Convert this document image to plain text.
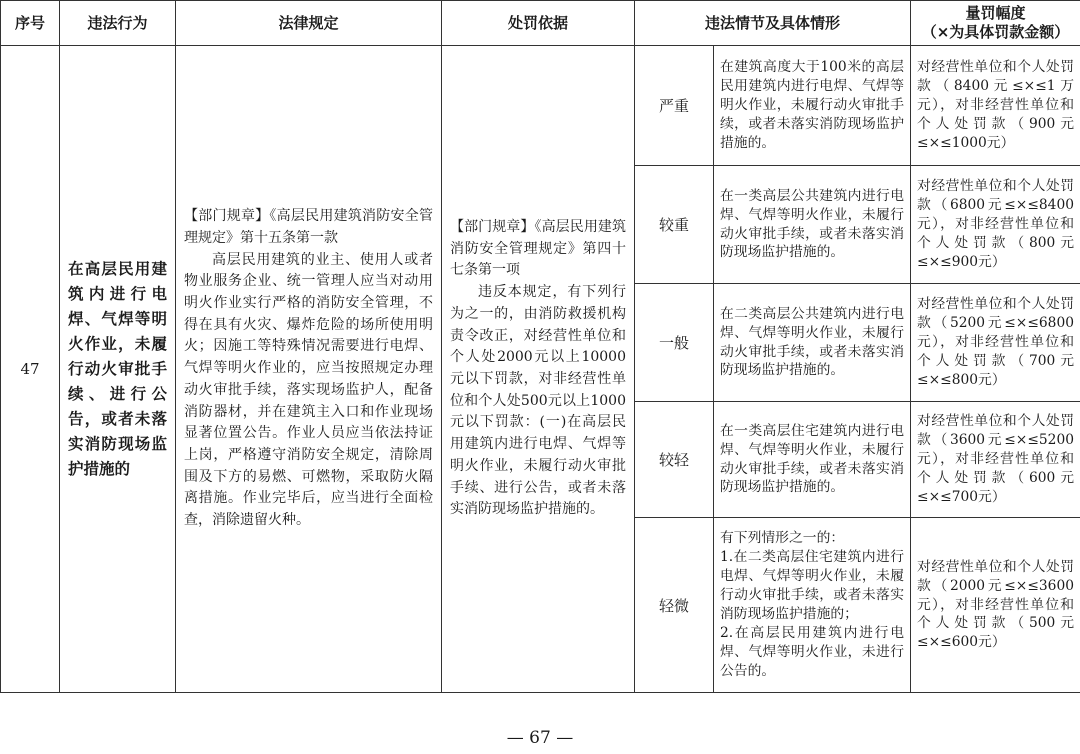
序号	违法行为	法律规定	处罚依据	违法情节及具体情形		量罚幅度
（×为具体罚款金额）

47	在高层民用建筑内进行电焊、气焊等明火作业，未履行动火审批手续、进行公告，或者未落实消防现场监护措施的	【部门规章】《高层民用建筑消防安全管理规定》第十五条第一款
高层民用建筑的业主、使用人或者物业服务企业、统一管理人应当对动用明火作业实行严格的消防安全管理，不得在具有火灾、爆炸危险的场所使用明火；因施工等特殊情况需要进行电焊、气焊等明火作业的，应当按照规定办理动火审批手续，落实现场监护人，配备消防器材，并在建筑主入口和作业现场显著位置公告。作业人员应当依法持证上岗，严格遵守消防安全规定，清除周围及下方的易燃、可燃物，采取防火隔离措施。作业完毕后，应当进行全面检查，消除遗留火种。	【部门规章】《高层民用建筑消防安全管理规定》第四十七条第一项
违反本规定，有下列行为之一的，由消防救援机构责令改正，对经营性单位和个人处2000元以上10000元以下罚款，对非经营性单位和个人处500元以上1000元以下罚款：(一)在高层民用建筑内进行电焊、气焊等明火作业，未履行动火审批手续、进行公告，或者未落实消防现场监护措施的。	严重	在建筑高度大于100米的高层民用建筑内进行电焊、气焊等明火作业，未履行动火审批手续，或者未落实消防现场监护措施的。	对经营性单位和个人处罚款（8400元≤×≤1万元），对非经营性单位和个人处罚款（900元≤×≤1000元）

				较重	在一类高层公共建筑内进行电焊、气焊等明火作业，未履行动火审批手续，或者未落实消防现场监护措施的。	对经营性单位和个人处罚款（6800元≤×≤8400元），对非经营性单位和个人处罚款（800元≤×≤900元）

				一般	在二类高层公共建筑内进行电焊、气焊等明火作业，未履行动火审批手续，或者未落实消防现场监护措施的。	对经营性单位和个人处罚款（5200元≤×≤6800元），对非经营性单位和个人处罚款（700元≤×≤800元）

				较轻	在一类高层住宅建筑内进行电焊、气焊等明火作业，未履行动火审批手续，或者未落实消防现场监护措施的。	对经营性单位和个人处罚款（3600元≤×≤5200元），对非经营性单位和个人处罚款（600元≤×≤700元）

				轻微	有下列情形之一的：
1.在二类高层住宅建筑内进行电焊、气焊等明火作业，未履行动火审批手续，或者未落实消防现场监护措施的；
2.在高层民用建筑内进行电焊、气焊等明火作业，未进行公告的。	对经营性单位和个人处罚款（2000元≤×≤3600元），对非经营性单位和个人处罚款（500元≤×≤600元）
— 67 —
